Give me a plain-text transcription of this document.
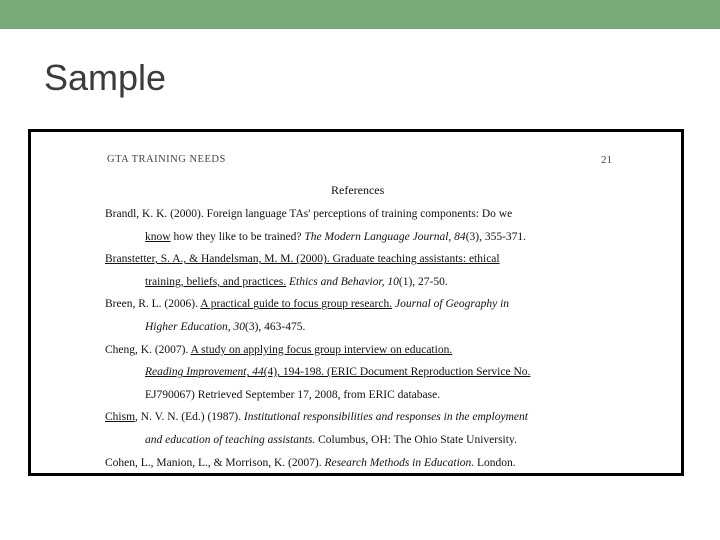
Sample
GTA TRAINING NEEDS	21
References
Brandl, K. K. (2000). Foreign language TAs' perceptions of training components: Do we
know how they like to be trained? The Modern Language Journal, 84(3), 355-371.
Branstetter, S. A., & Handelsman, M. M. (2000). Graduate teaching assistants: ethical
training, beliefs, and practices. Ethics and Behavior, 10(1), 27-50.
Breen, R. L. (2006). A practical guide to focus group research. Journal of Geography in
Higher Education, 30(3), 463-475.
Cheng, K. (2007). A study on applying focus group interview on education.
Reading Improvement, 44(4), 194-198. (ERIC Document Reproduction Service No.
EJ790067) Retrieved September 17, 2008, from ERIC database.
Chism, N. V. N. (Ed.) (1987). Institutional responsibilities and responses in the employment
and education of teaching assistants. Columbus, OH: The Ohio State University.
Cohen, L., Manion, L., & Morrison, K. (2007). Research Methods in Education. London.
